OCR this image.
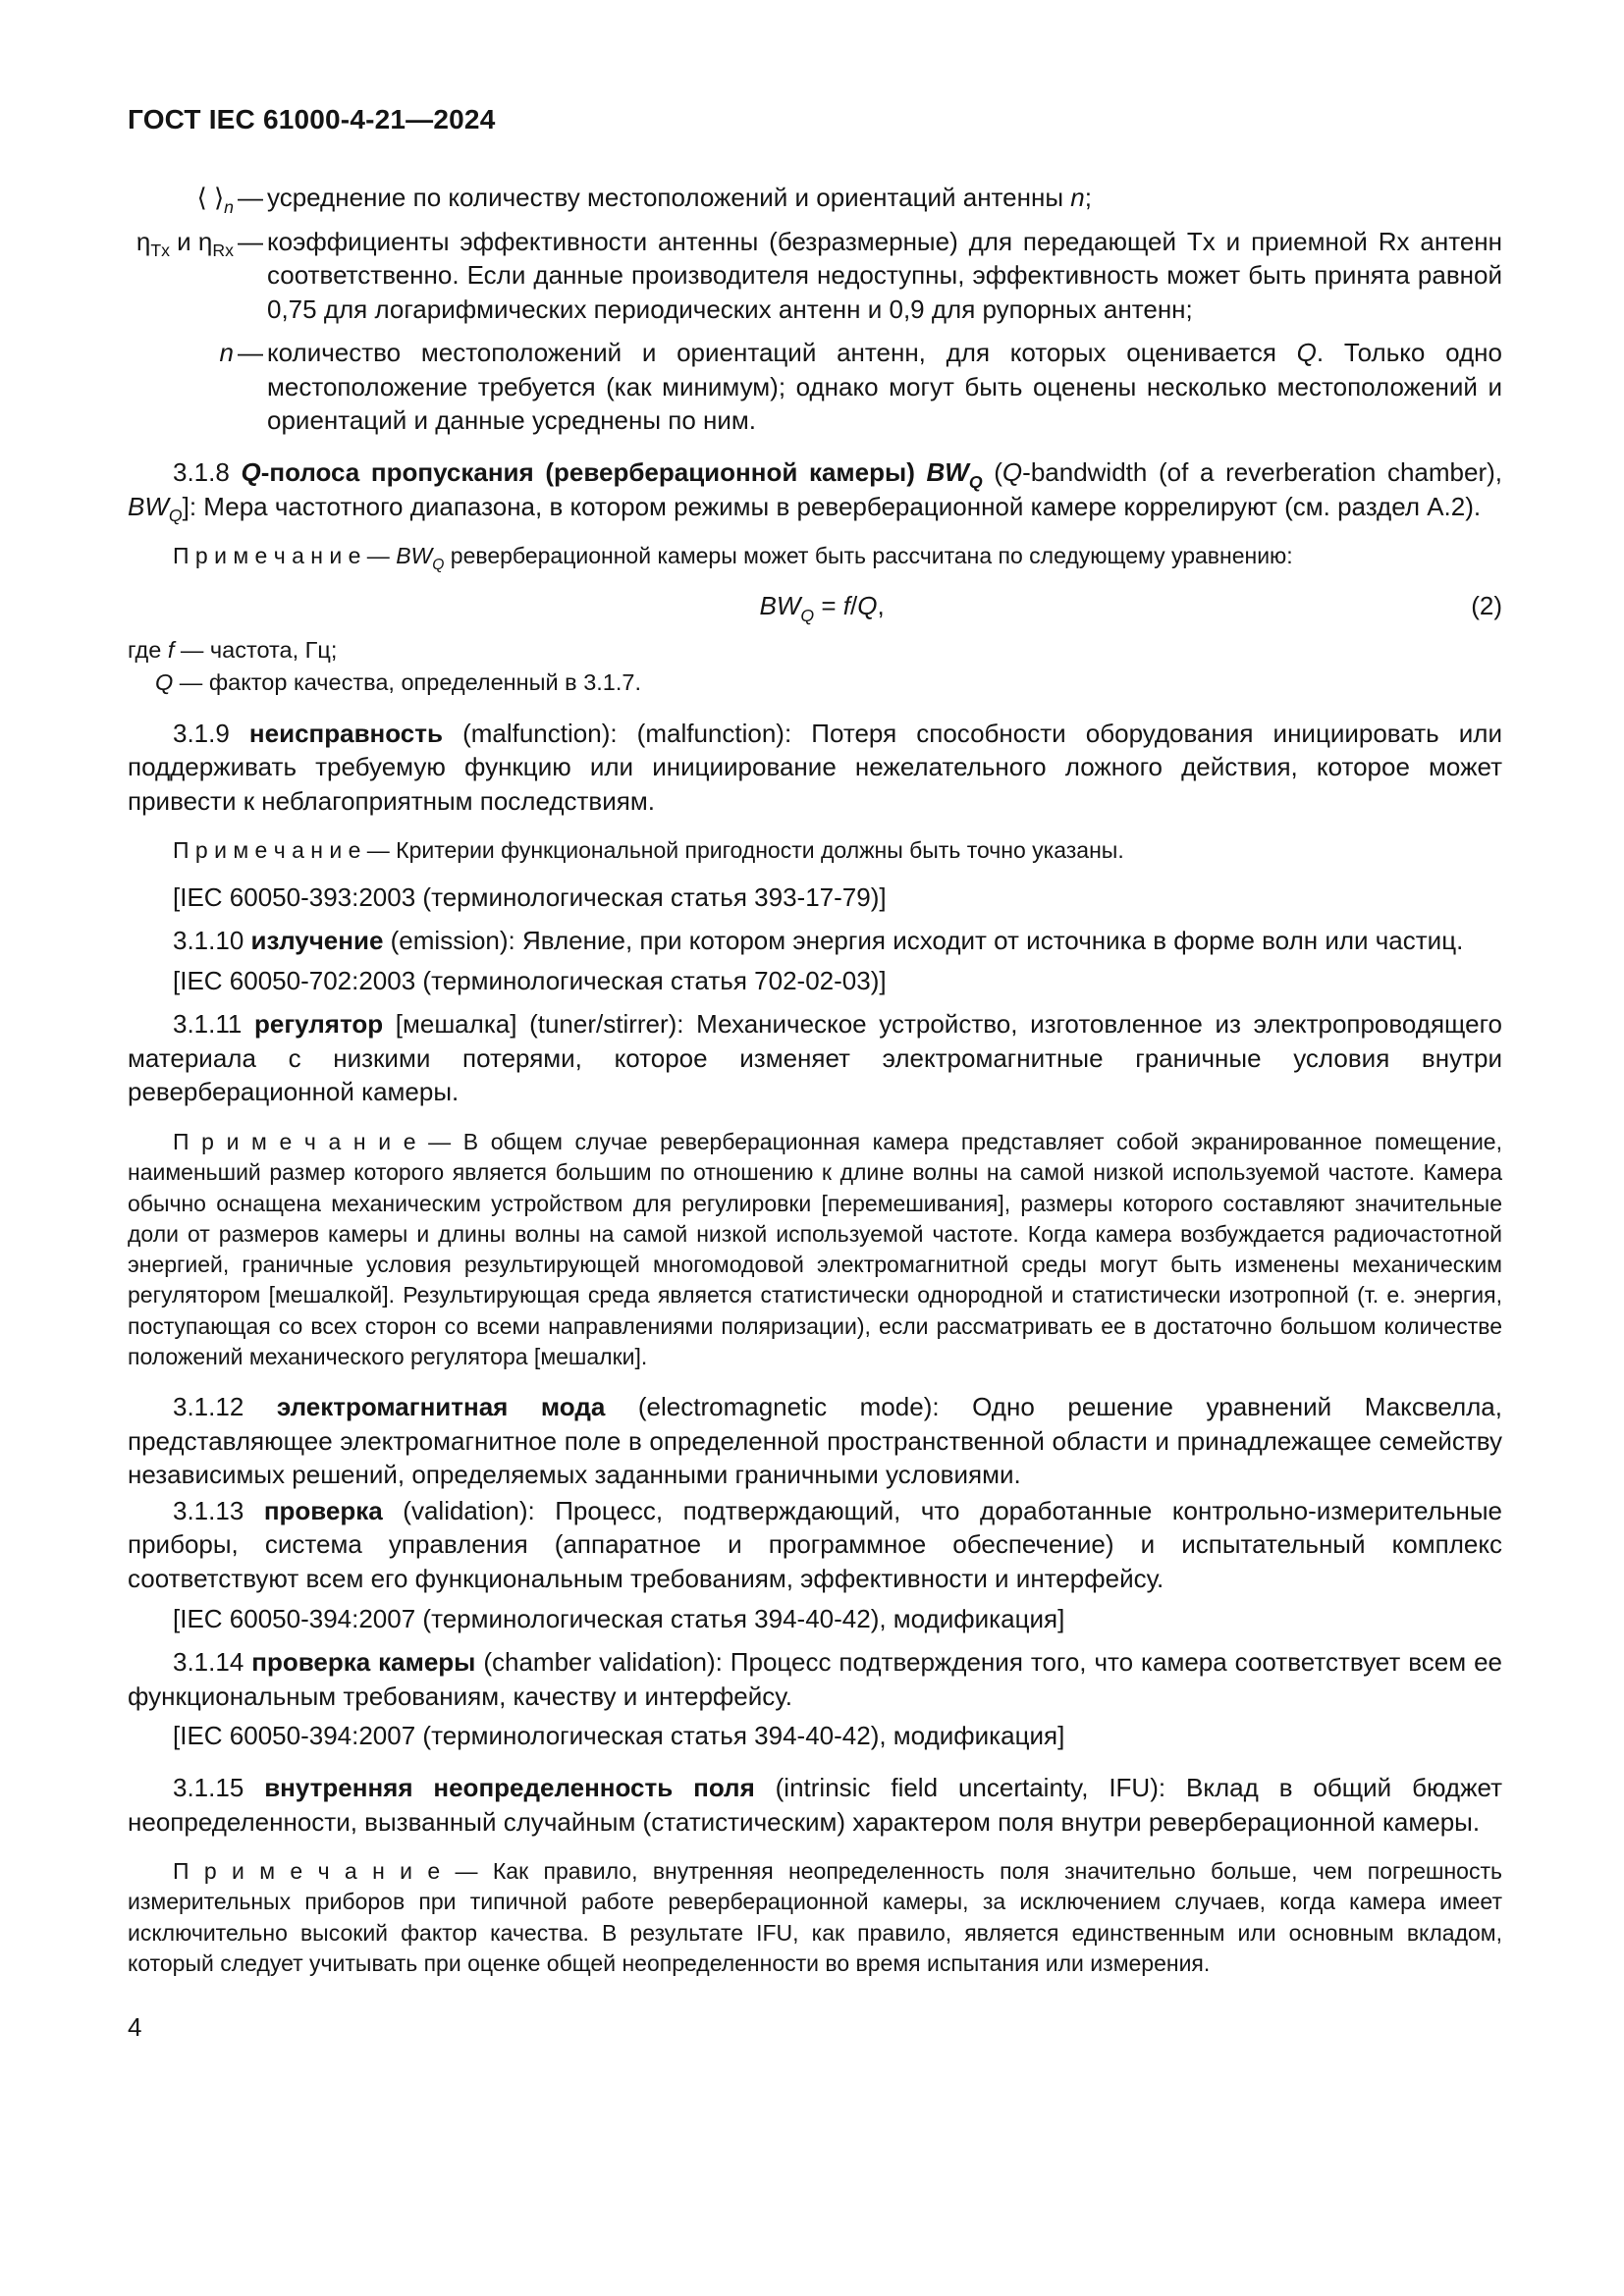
ГОСТ IEC 61000-4-21—2024
⟨ $⟩_n$ — усреднение по количеству местоположений и ориентаций антенны n;
$\eta_{Tx}$ и $\eta_{Rx}$ — коэффициенты эффективности антенны (безразмерные) для передающей Tx и приемной Rx антенн соответственно. Если данные производителя недоступны, эффективность может быть принята равной 0,75 для логарифмических периодических антенн и 0,9 для рупорных антенн;
n — количество местоположений и ориентаций антенн, для которых оценивается Q. Только одно местоположение требуется (как минимум); однако могут быть оценены несколько местоположений и ориентаций и данные усреднены по ним.
3.1.8 Q-полоса пропускания (реверберационной камеры) $BW_Q$ (Q-bandwidth (of a reverberation chamber), $BW_Q$]: Мера частотного диапазона, в котором режимы в реверберационной камере коррелируют (см. раздел А.2).
П р и м е ч а н и е — $BW_Q$ реверберационной камеры может быть рассчитана по следующему уравнению:
$BW_Q = f/Q$,	(2)
где f — частота, Гц;
Q — фактор качества, определенный в 3.1.7.
3.1.9 неисправность (malfunction): (malfunction): Потеря способности оборудования инициировать или поддерживать требуемую функцию или инициирование нежелательного ложного действия, которое может привести к неблагоприятным последствиям.
П р и м е ч а н и е — Критерии функциональной пригодности должны быть точно указаны.
[IEC 60050-393:2003 (терминологическая статья 393-17-79)]
3.1.10 излучение (emission): Явление, при котором энергия исходит от источника в форме волн или частиц.
[IEC 60050-702:2003 (терминологическая статья 702-02-03)]
3.1.11 регулятор [мешалка] (tuner/stirrer): Механическое устройство, изготовленное из электропроводящего материала с низкими потерями, которое изменяет электромагнитные граничные условия внутри реверберационной камеры.
П р и м е ч а н и е — В общем случае реверберационная камера представляет собой экранированное помещение, наименьший размер которого является большим по отношению к длине волны на самой низкой используемой частоте. Камера обычно оснащена механическим устройством для регулировки [перемешивания], размеры которого составляют значительные доли от размеров камеры и длины волны на самой низкой используемой частоте. Когда камера возбуждается радиочастотной энергией, граничные условия результирующей многомодовой электромагнитной среды могут быть изменены механическим регулятором [мешалкой]. Результирующая среда является статистически однородной и статистически изотропной (т. е. энергия, поступающая со всех сторон со всеми направлениями поляризации), если рассматривать ее в достаточно большом количестве положений механического регулятора [мешалки].
3.1.12 электромагнитная мода (electromagnetic mode): Одно решение уравнений Максвелла, представляющее электромагнитное поле в определенной пространственной области и принадлежащее семейству независимых решений, определяемых заданными граничными условиями.
3.1.13 проверка (validation): Процесс, подтверждающий, что доработанные контрольно-измерительные приборы, система управления (аппаратное и программное обеспечение) и испытательный комплекс соответствуют всем его функциональным требованиям, эффективности и интерфейсу.
[IEC 60050-394:2007 (терминологическая статья 394-40-42), модификация]
3.1.14 проверка камеры (chamber validation): Процесс подтверждения того, что камера соответствует всем ее функциональным требованиям, качеству и интерфейсу.
[IEC 60050-394:2007 (терминологическая статья 394-40-42), модификация]
3.1.15 внутренняя неопределенность поля (intrinsic field uncertainty, IFU): Вклад в общий бюджет неопределенности, вызванный случайным (статистическим) характером поля внутри реверберационной камеры.
П р и м е ч а н и е — Как правило, внутренняя неопределенность поля значительно больше, чем погрешность измерительных приборов при типичной работе реверберационной камеры, за исключением случаев, когда камера имеет исключительно высокий фактор качества. В результате IFU, как правило, является единственным или основным вкладом, который следует учитывать при оценке общей неопределенности во время испытания или измерения.
4
